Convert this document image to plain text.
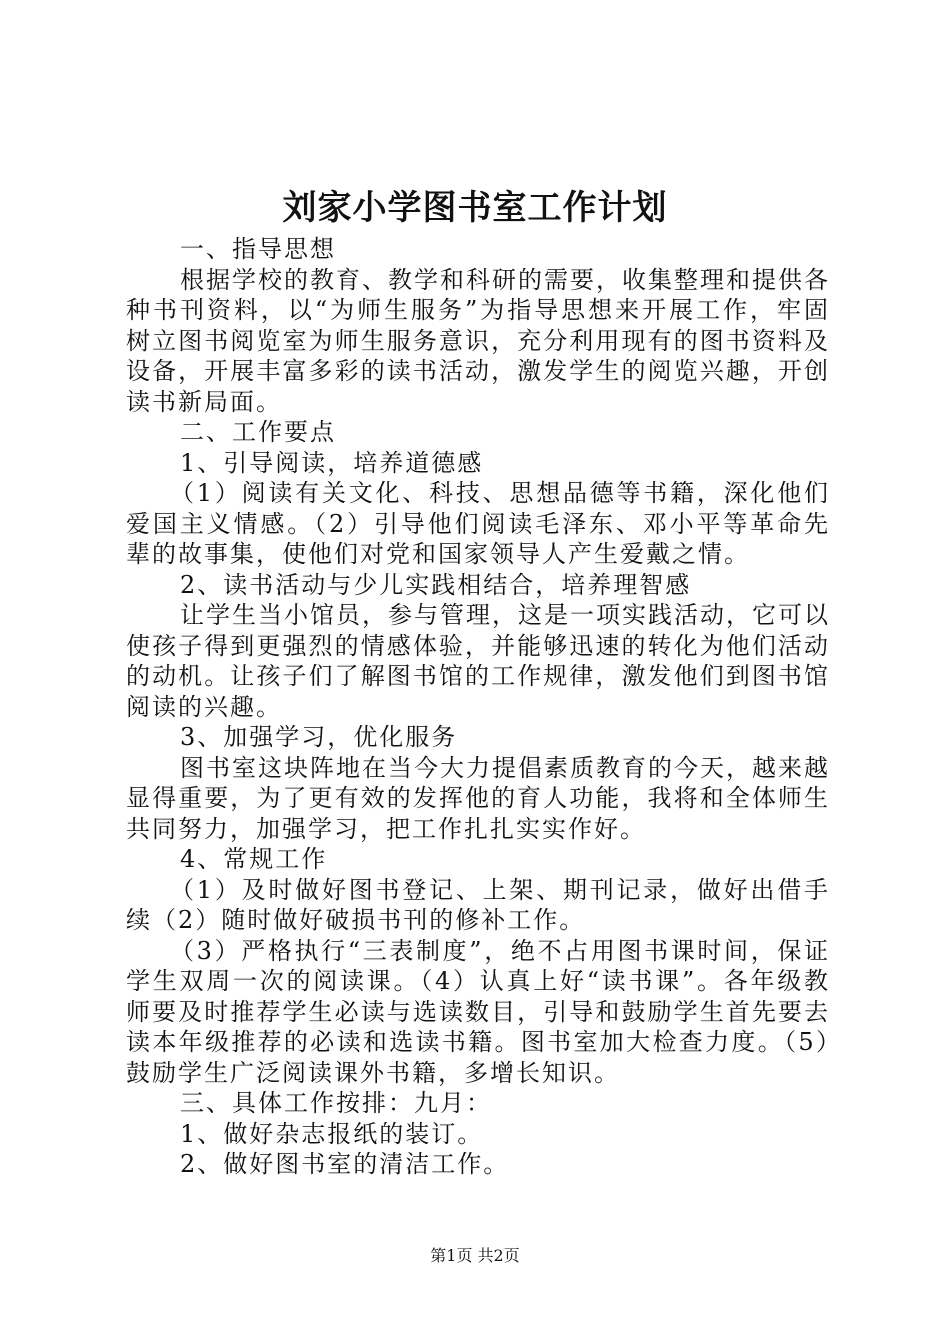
刘家小学图书室工作计划

一、指导思想

根据学校的教育、教学和科研的需要，收集整理和提供各种书刊资料，以“为师生服务”为指导思想来开展工作，牢固树立图书阅览室为师生服务意识，充分利用现有的图书资料及设备，开展丰富多彩的读书活动，激发学生的阅览兴趣，开创读书新局面。

二、工作要点

1、引导阅读，培养道德感

（1）阅读有关文化、科技、思想品德等书籍，深化他们爱国主义情感。（2）引导他们阅读毛泽东、邓小平等革命先辈的故事集，使他们对党和国家领导人产生爱戴之情。

2、读书活动与少儿实践相结合，培养理智感

让学生当小馆员，参与管理，这是一项实践活动，它可以使孩子得到更强烈的情感体验，并能够迅速的转化为他们活动的动机。让孩子们了解图书馆的工作规律，激发他们到图书馆阅读的兴趣。

3、加强学习，优化服务

图书室这块阵地在当今大力提倡素质教育的今天，越来越显得重要，为了更有效的发挥他的育人功能，我将和全体师生共同努力，加强学习，把工作扎扎实实作好。

4、常规工作

（1）及时做好图书登记、上架、期刊记录，做好出借手续（2）随时做好破损书刊的修补工作。

（3）严格执行“三表制度”，绝不占用图书课时间，保证学生双周一次的阅读课。（4）认真上好“读书课”。各年级教师要及时推荐学生必读与选读数目，引导和鼓励学生首先要去读本年级推荐的必读和选读书籍。图书室加大检查力度。（5）鼓励学生广泛阅读课外书籍，多增长知识。

三、具体工作按排：九月：

1、做好杂志报纸的装订。

2、做好图书室的清洁工作。

第1页 共2页
